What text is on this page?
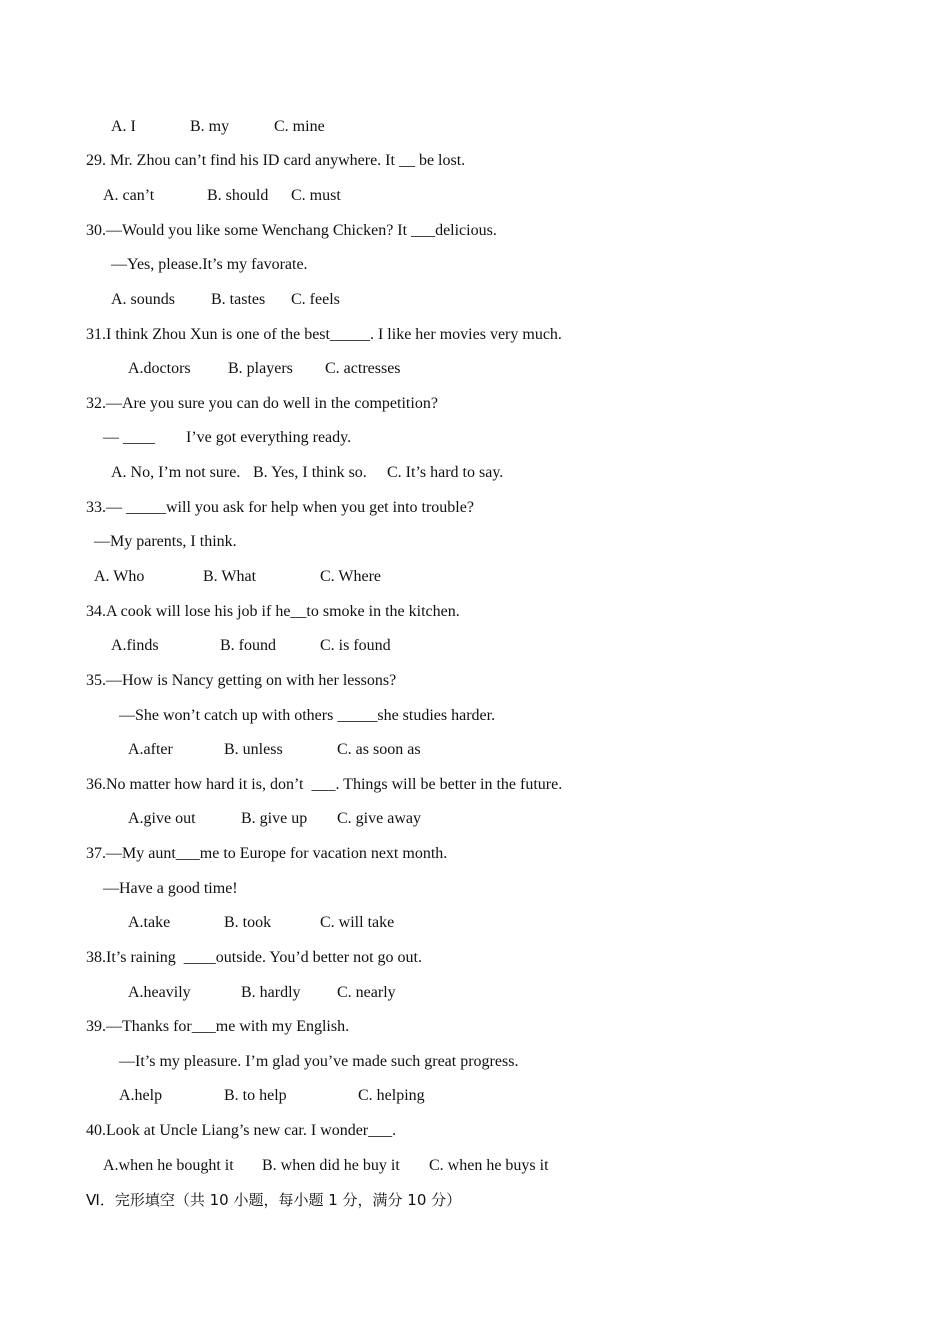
A. I	B. my	C. mine
29. Mr. Zhou can’t find his ID card anywhere. It __ be lost.
A. can’t	B. should C. must
30.—Would you like some Wenchang Chicken? It ___delicious.
—Yes, please.It’s my favorate.
A. sounds B. tastes C. feels
31.I think Zhou Xun is one of the best_____. I like her movies very much.
A.doctors B. players C. actresses
32.—Are you sure you can do well in the competition?
— ____ I’ve got everything ready.
A. No, I’m not sure. B. Yes, I think so. C. It’s hard to say.
33.— _____will you ask for help when you get into trouble?
—My parents, I think.
A. Who	B. What	C. Where
34.A cook will lose his job if he__to smoke in the kitchen.
A.finds	B. found	C. is found
35.—How is Nancy getting on with her lessons?
—She won’t catch up with others _____she studies harder.
A.after	B. unless	C. as soon as
36.No matter how hard it is, don’t  ___. Things will be better in the future.
A.give out	B. give up C. give away
37.—My aunt___me to Europe for vacation next month.
—Have a good time!
A.take	B. took	C. will take
38.It’s raining  ____outside. You’d better not go out.
A.heavily	B. hardly C. nearly
39.—Thanks for___me with my English.
—It’s my pleasure. I’m glad you’ve made such great progress.
A.help	B. to help	C. helping
40.Look at Uncle Liang’s new car. I wonder___.
A.when he bought it B. when did he buy it C. when he buys it
Ⅵ．完形填空（共 10 小题，每小题 1 分，满分 10 分）
